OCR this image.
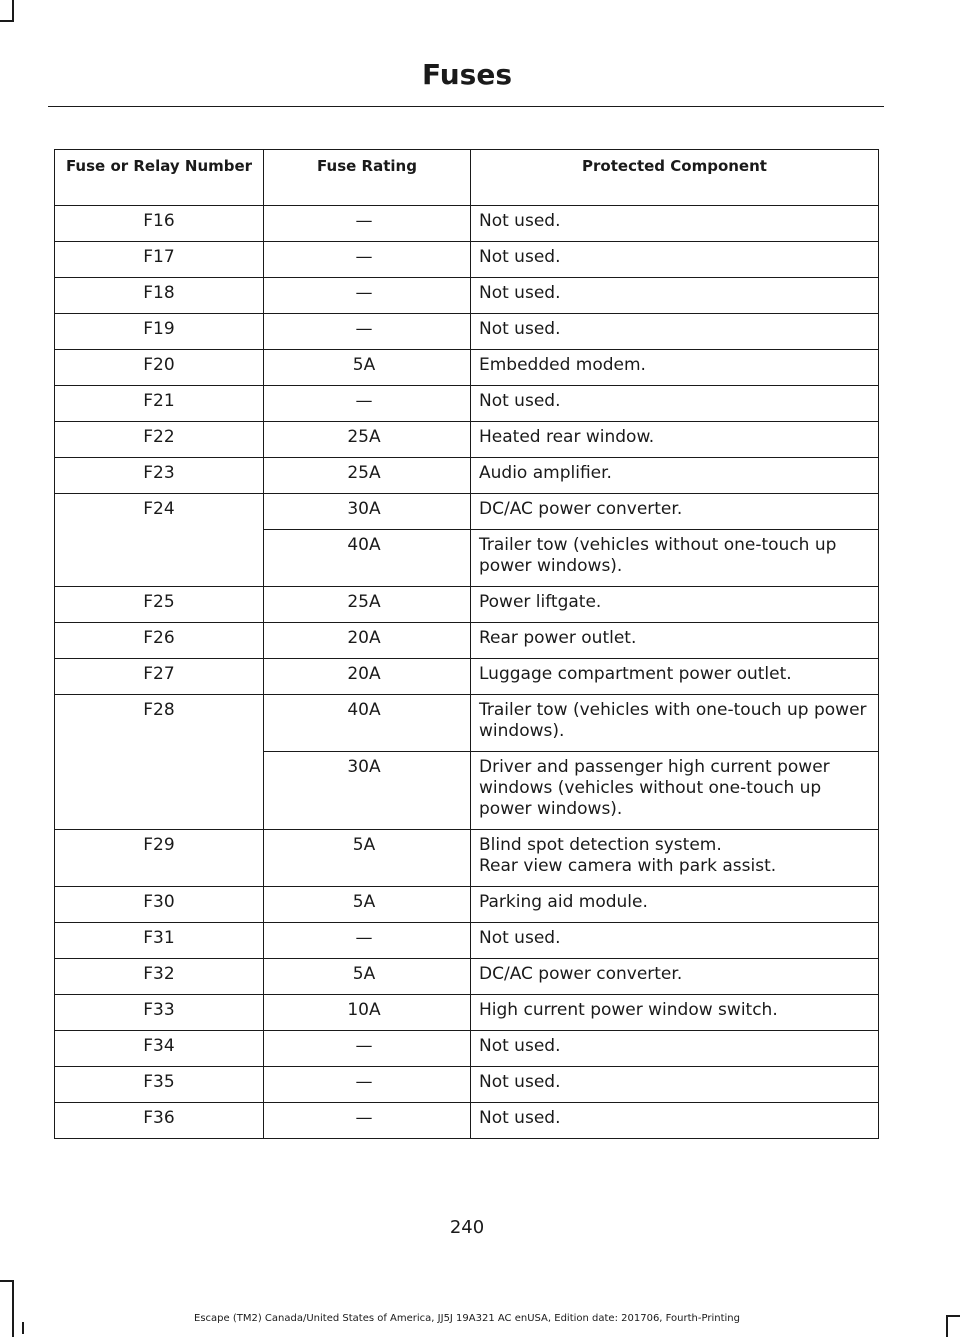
Fuses
Fuse or Relay Number	Fuse Rating	Protected Component
F16	—	Not used.
F17	—	Not used.
F18	—	Not used.
F19	—	Not used.
F20	5A	Embedded modem.
F21	—	Not used.
F22	25A	Heated rear window.
F23	25A	Audio amplifier.
F24	30A	DC/AC power converter.
	40A	Trailer tow (vehicles without one-touch up power windows).
F25	25A	Power liftgate.
F26	20A	Rear power outlet.
F27	20A	Luggage compartment power outlet.
F28	40A	Trailer tow (vehicles with one-touch up power windows).
	30A	Driver and passenger high current power windows (vehicles without one-touch up power windows).
F29	5A	Blind spot detection system.
Rear view camera with park assist.
F30	5A	Parking aid module.
F31	—	Not used.
F32	5A	DC/AC power converter.
F33	10A	High current power window switch.
F34	—	Not used.
F35	—	Not used.
F36	—	Not used.
240
Escape (TM2) Canada/United States of America, JJ5J 19A321 AC enUSA, Edition date: 201706, Fourth-Printing
